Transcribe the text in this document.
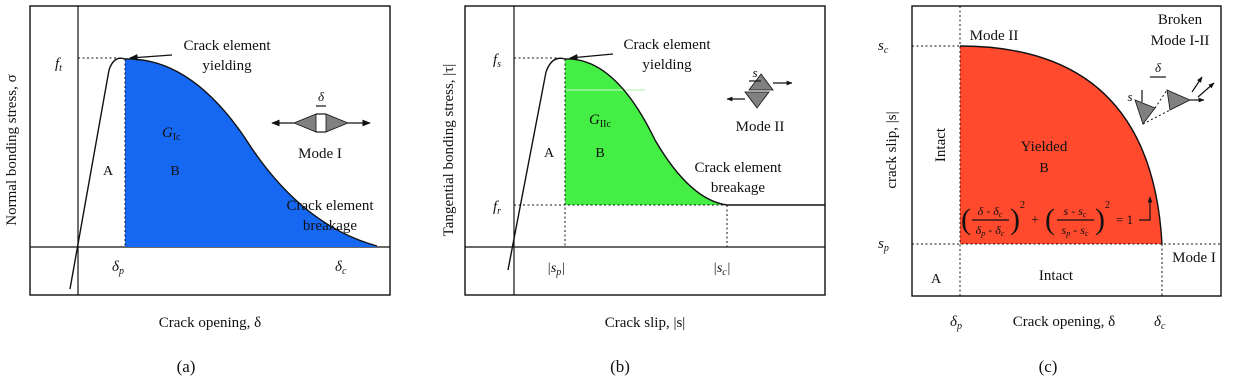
Crack element
yielding
Crack element
breakage
A	B
$G_{Ic}$
$f_t$
$\delta_p$	$\delta_c$
Crack opening, δ
Normal bonding stress, σ
(a)
δ
Mode I
Crack element
yielding
Crack element
breakage
A	B
$G_{IIc}$
$f_s$
$f_r$
$|s_p|$	$|s_c|$
Crack slip, |s|
Tangential bonding stress, |τ|
(b)
s
Mode II
Mode II
Mode I
Broken
Mode I-II
Intact
Intact
A
Yielded
B
$s_c$
$s_p$
$\delta_p$	$\delta_c$
Crack opening, δ
crack slip, |s|
(c)
( δ - δc
δp - δc ) 2
+ ( s - sc
sp - sc ) 2
= 1
δ
s
